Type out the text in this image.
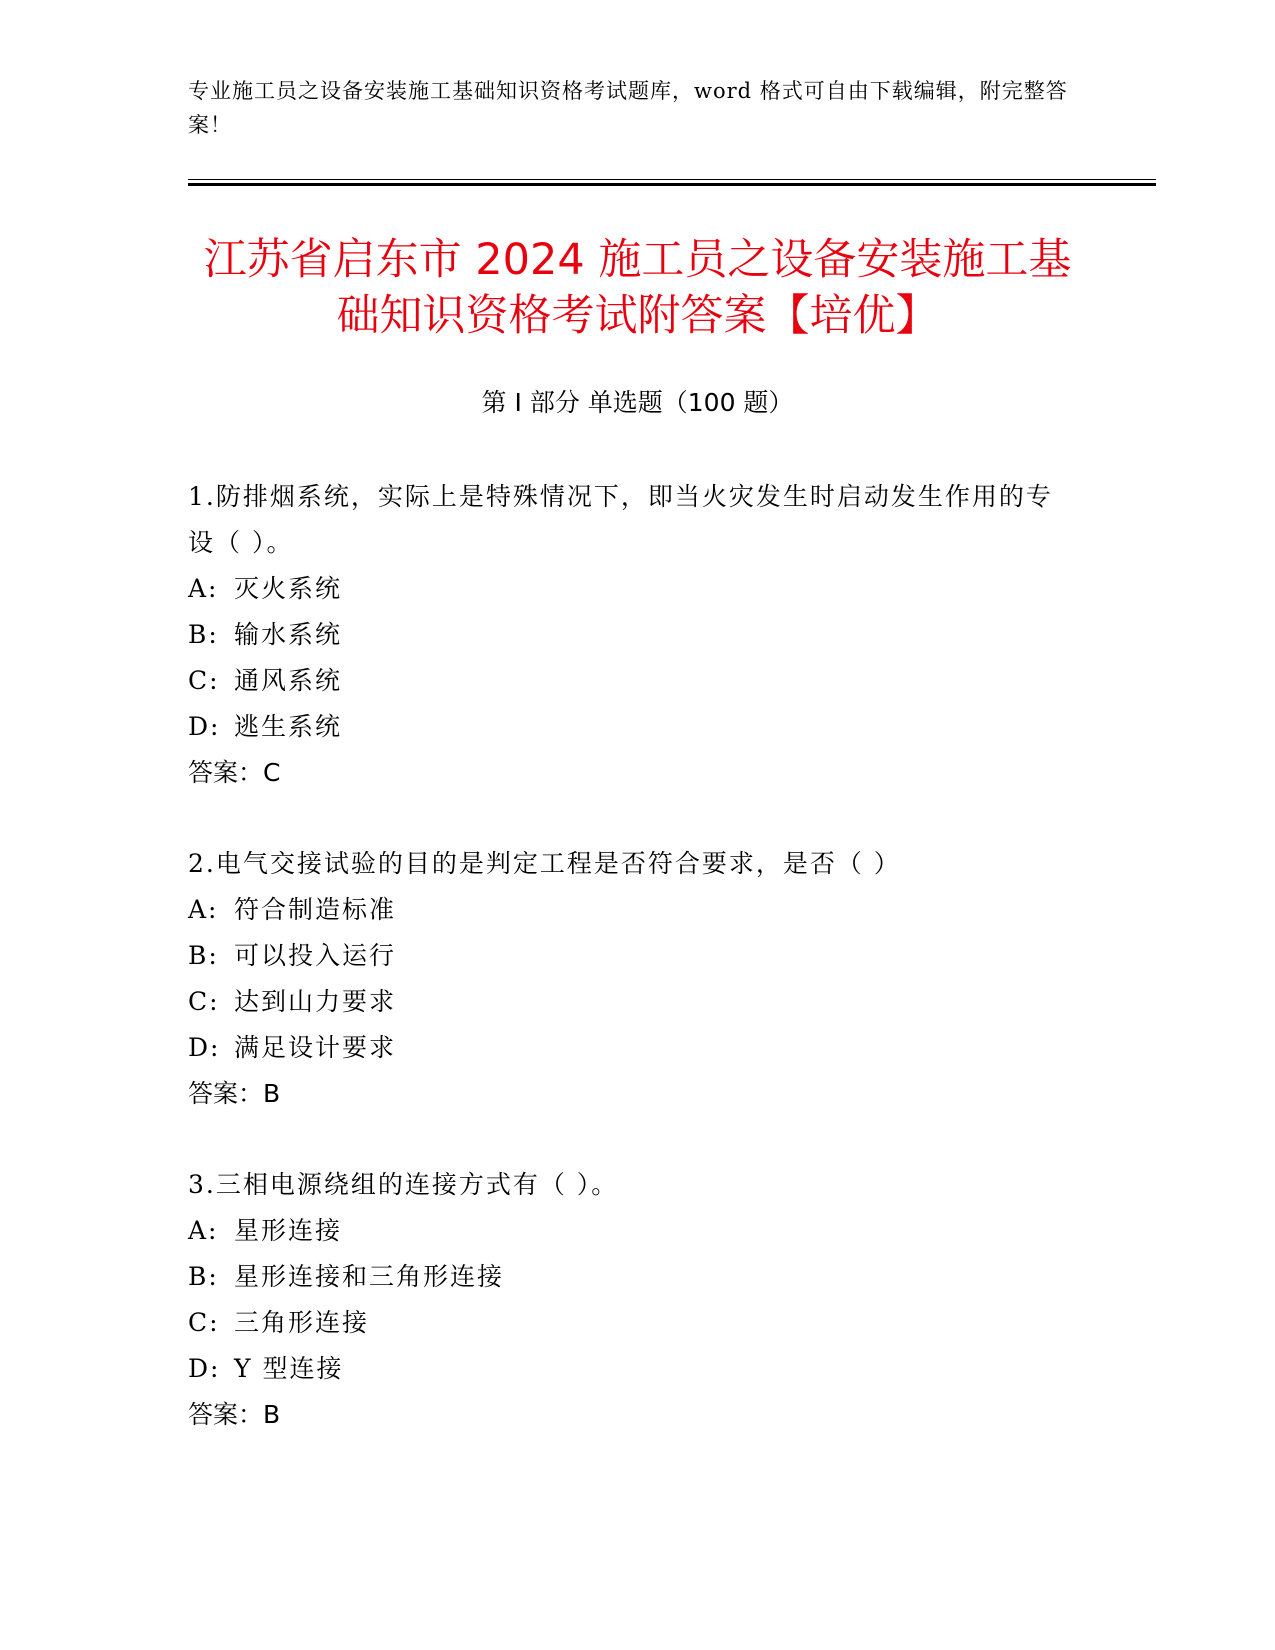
专业施工员之设备安装施工基础知识资格考试题库，word 格式可自由下载编辑，附完整答案！
江苏省启东市 2024 施工员之设备安装施工基
础知识资格考试附答案【培优】
第 I 部分 单选题（100 题）
1.防排烟系统，实际上是特殊情况下，即当火灾发生时启动发生作用的专设（ ）。
A: 灭火系统
B: 输水系统
C: 通风系统
D: 逃生系统
答案：C
2.电气交接试验的目的是判定工程是否符合要求，是否（ ）
A: 符合制造标准
B: 可以投入运行
C: 达到山力要求
D: 满足设计要求
答案：B
3.三相电源绕组的连接方式有（ ）。
A: 星形连接
B: 星形连接和三角形连接
C: 三角形连接
D: Y 型连接
答案：B
